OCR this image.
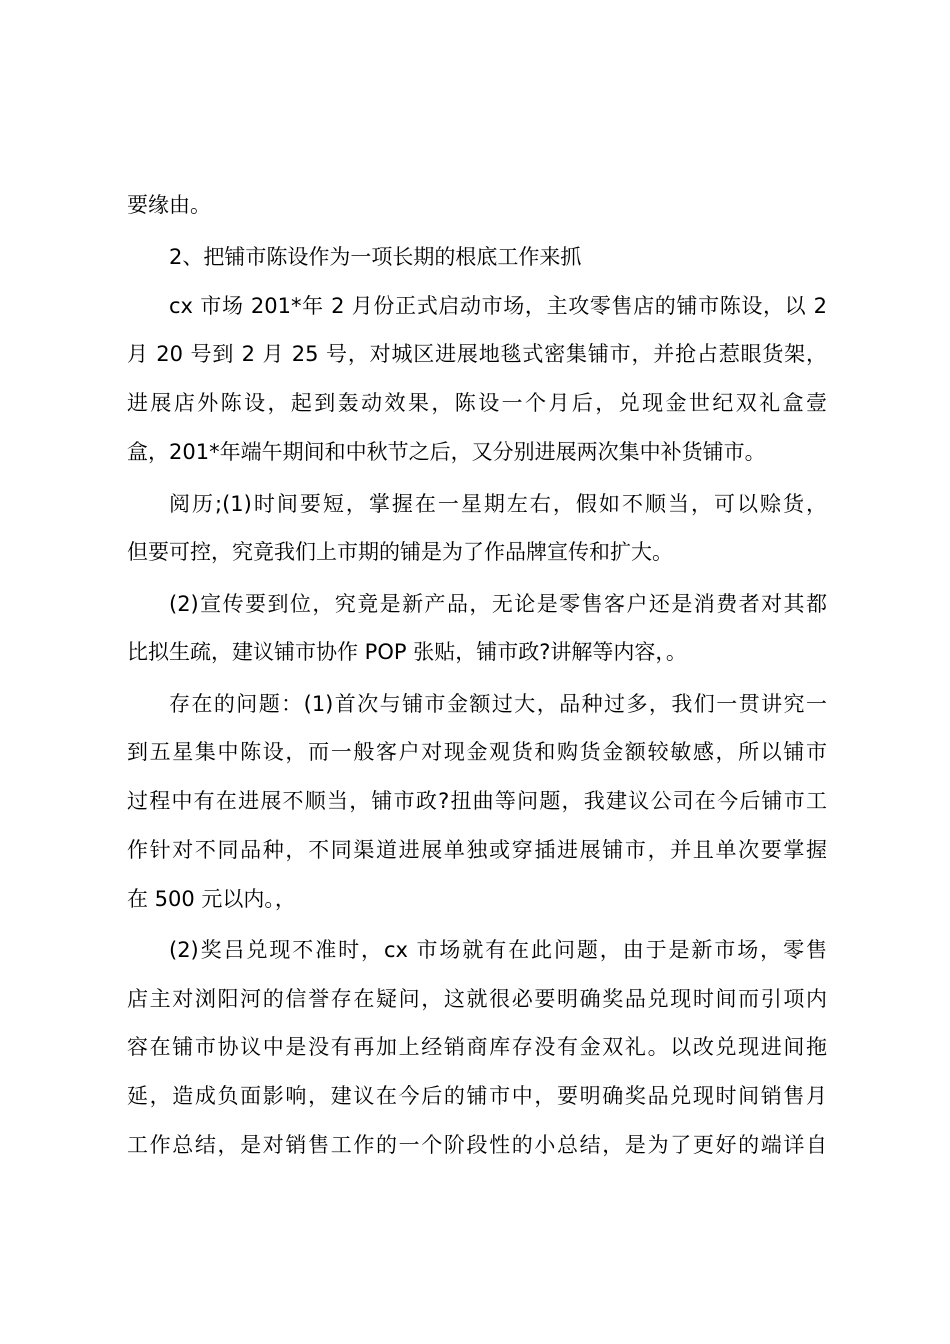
要缘由。
2、把铺市陈设作为一项长期的根底工作来抓
cx 市场 201*年 2 月份正式启动市场，主攻零售店的铺市陈设，以 2
月 20 号到 2 月 25 号，对城区进展地毯式密集铺市，并抢占惹眼货架，
进展店外陈设，起到轰动效果，陈设一个月后，兑现金世纪双礼盒壹
盒，201*年端午期间和中秋节之后，又分别进展两次集中补货铺市。
阅历;(1)时间要短，掌握在一星期左右，假如不顺当，可以赊货，
但要可控，究竟我们上市期的铺是为了作品牌宣传和扩大。
(2)宣传要到位，究竟是新产品，无论是零售客户还是消费者对其都
比拟生疏，建议铺市协作 POP 张贴，铺市政?讲解等内容，。
存在的问题：(1)首次与铺市金额过大，品种过多，我们一贯讲究一
到五星集中陈设，而一般客户对现金观货和购货金额较敏感，所以铺市
过程中有在进展不顺当，铺市政?扭曲等问题，我建议公司在今后铺市工
作针对不同品种，不同渠道进展单独或穿插进展铺市，并且单次要掌握
在 500 元以内。，
(2)奖吕兑现不准时，cx 市场就有在此问题，由于是新市场，零售
店主对浏阳河的信誉存在疑问，这就很必要明确奖品兑现时间而引项内
容在铺市协议中是没有再加上经销商库存没有金双礼。以改兑现进间拖
延，造成负面影响，建议在今后的铺市中，要明确奖品兑现时间销售月
工作总结，是对销售工作的一个阶段性的小总结，是为了更好的端详自
